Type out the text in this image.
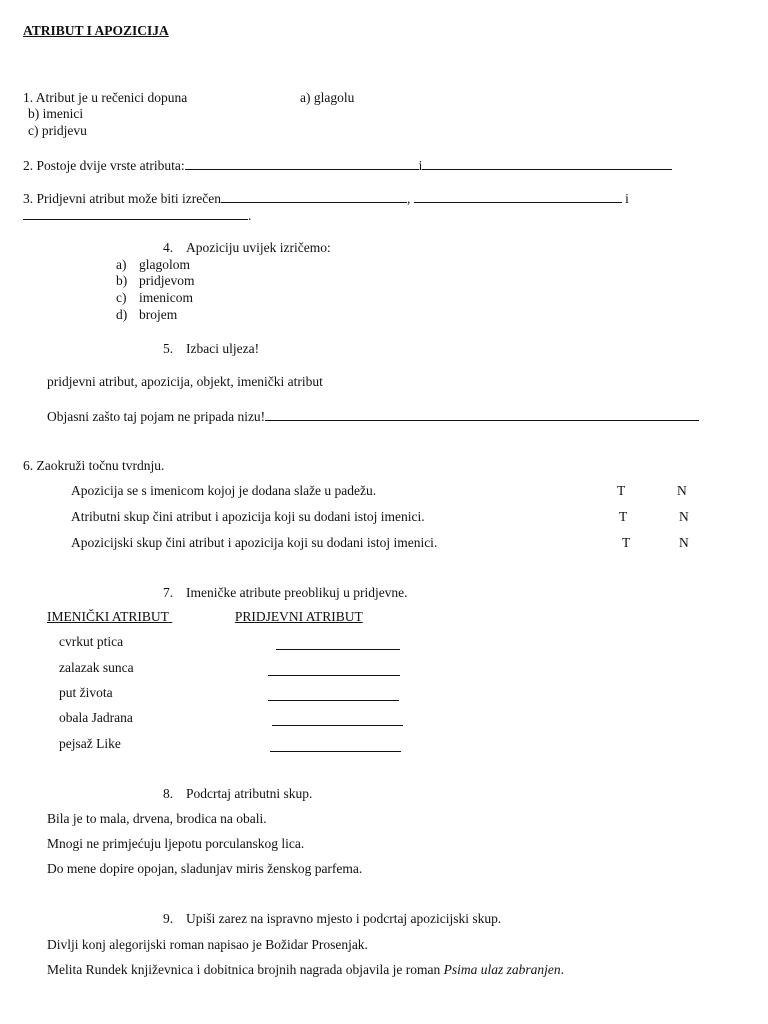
ATRIBUT I APOZICIJA
1. Atribut je u rečenici dopuna	a) glagolu
b) imenici
c) pridjevu
2. Postoje dvije vrste atributa:	i
3. Pridjevni atribut može biti izrečen	,	i
.
4. Apoziciju uvijek izričemo:
a) glagolom
b) pridjevom
c) imenicom
d) brojem
5. Izbaci uljeza!
pridjevni atribut, apozicija, objekt, imenički atribut
Objasni zašto taj pojam ne pripada nizu!
6. Zaokruži točnu tvrdnju.
Apozicija se s imenicom kojoj je dodana slaže u padežu.	T	N
Atributni skup čini atribut i apozicija koji su dodani istoj imenici.	T	N
Apozicijski skup čini atribut i apozicija koji su dodani istoj imenici.	T	N
7. Imeničke atribute preoblikuj u pridjevne.
IMENIČKI ATRIBUT	PRIDJEVNI ATRIBUT
cvrkut ptica
zalazak sunca
put života
obala Jadrana
pejsaž Like
8. Podcrtaj atributni skup.
Bila je to mala, drvena, brodica na obali.
Mnogi ne primjećuju ljepotu porculanskog lica.
Do mene dopire opojan, sladunjav miris ženskog parfema.
9. Upiši zarez na ispravno mjesto i podcrtaj apozicijski skup.
Divlji konj alegorijski roman napisao je Božidar Prosenjak.
Melita Rundek književnica i dobitnica brojnih nagrada objavila je roman Psima ulaz zabranjen.
